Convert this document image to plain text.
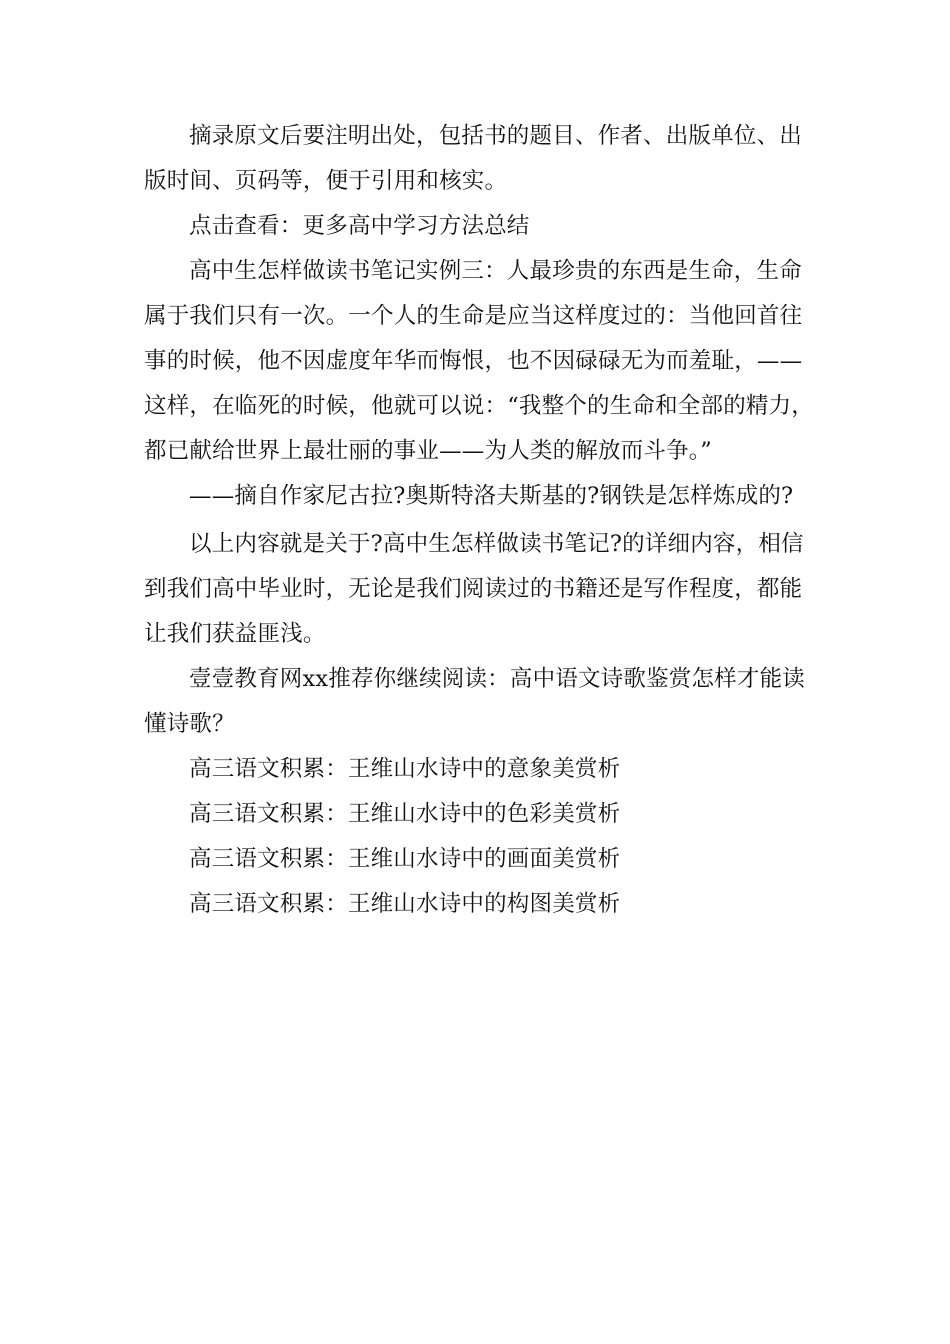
摘录原文后要注明出处，包括书的题目、作者、出版单位、出版时间、页码等，便于引用和核实。

点击查看：更多高中学习方法总结

高中生怎样做读书笔记实例三：人最珍贵的东西是生命，生命属于我们只有一次。一个人的生命是应当这样度过的：当他回首往事的时候，他不因虚度年华而悔恨，也不因碌碌无为而羞耻，——这样，在临死的时候，他就可以说：“我整个的生命和全部的精力，都已献给世界上最壮丽的事业——为人类的解放而斗争。”

——摘自作家尼古拉?奥斯特洛夫斯基的?钢铁是怎样炼成的?

以上内容就是关于?高中生怎样做读书笔记?的详细内容，相信到我们高中毕业时，无论是我们阅读过的书籍还是写作程度，都能让我们获益匪浅。

壹壹教育网xx推荐你继续阅读：高中语文诗歌鉴赏怎样才能读懂诗歌？

高三语文积累：王维山水诗中的意象美赏析

高三语文积累：王维山水诗中的色彩美赏析

高三语文积累：王维山水诗中的画面美赏析

高三语文积累：王维山水诗中的构图美赏析
